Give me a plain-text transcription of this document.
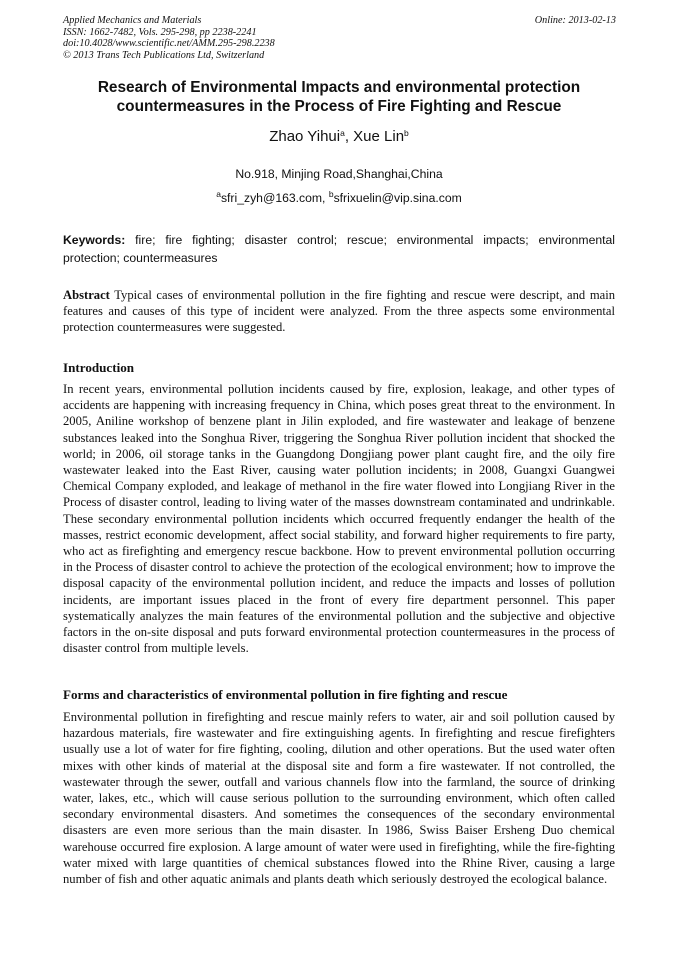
Applied Mechanics and Materials
ISSN: 1662-7482, Vols. 295-298, pp 2238-2241
doi:10.4028/www.scientific.net/AMM.295-298.2238
© 2013 Trans Tech Publications Ltd, Switzerland
Online: 2013-02-13
Research of Environmental Impacts and environmental protection countermeasures in the Process of Fire Fighting and Rescue
Zhao Yihui$^a$, Xue Lin$^b$
No.918, Minjing Road,Shanghai,China
$^a$sfri_zyh@163.com, $^b$sfrixuelin@vip.sina.com
Keywords: fire; fire fighting; disaster control; rescue; environmental impacts; environmental protection; countermeasures
Abstract Typical cases of environmental pollution in the fire fighting and rescue were descript, and main features and causes of this type of incident were analyzed. From the three aspects some environmental protection countermeasures were suggested.
Introduction
In recent years, environmental pollution incidents caused by fire, explosion, leakage, and other types of accidents are happening with increasing frequency in China, which poses great threat to the environment. In 2005, Aniline workshop of benzene plant in Jilin exploded, and fire wastewater and leakage of benzene substances leaked into the Songhua River, triggering the Songhua River pollution incident that shocked the world; in 2006, oil storage tanks in the Guangdong Dongjiang power plant caught fire, and the oily fire wastewater leaked into the East River, causing water pollution incidents; in 2008, Guangxi Guangwei Chemical Company exploded, and leakage of methanol in the fire water flowed into Longjiang River in the Process of disaster control, leading to living water of the masses downstream contaminated and undrinkable. These secondary environmental pollution incidents which occurred frequently endanger the health of the masses, restrict economic development, affect social stability, and forward higher requirements to fire party, who act as firefighting and emergency rescue backbone. How to prevent environmental pollution occurring in the Process of disaster control to achieve the protection of the ecological environment; how to improve the disposal capacity of the environmental pollution incident, and reduce the impacts and losses of pollution incidents, are important issues placed in the front of every fire department personnel. This paper systematically analyzes the main features of the environmental pollution and the subjective and objective factors in the on-site disposal and puts forward environmental protection countermeasures in the process of disaster control from multiple levels.
Forms and characteristics of environmental pollution in fire fighting and rescue
Environmental pollution in firefighting and rescue mainly refers to water, air and soil pollution caused by hazardous materials, fire wastewater and fire extinguishing agents. In firefighting and rescue firefighters usually use a lot of water for fire fighting, cooling, dilution and other operations. But the used water often mixes with other kinds of material at the disposal site and form a fire wastewater. If not controlled, the wastewater through the sewer, outfall and various channels flow into the farmland, the source of drinking water, lakes, etc., which will cause serious pollution to the surrounding environment, which often called secondary environmental disasters. And sometimes the consequences of the secondary environmental disasters are even more serious than the main disaster. In 1986, Swiss Baiser Ersheng Duo chemical warehouse occurred fire explosion. A large amount of water were used in firefighting, while the fire-fighting water mixed with large quantities of chemical substances flowed into the Rhine River, causing a large number of fish and other aquatic animals and plants death which seriously destroyed the ecological balance.
